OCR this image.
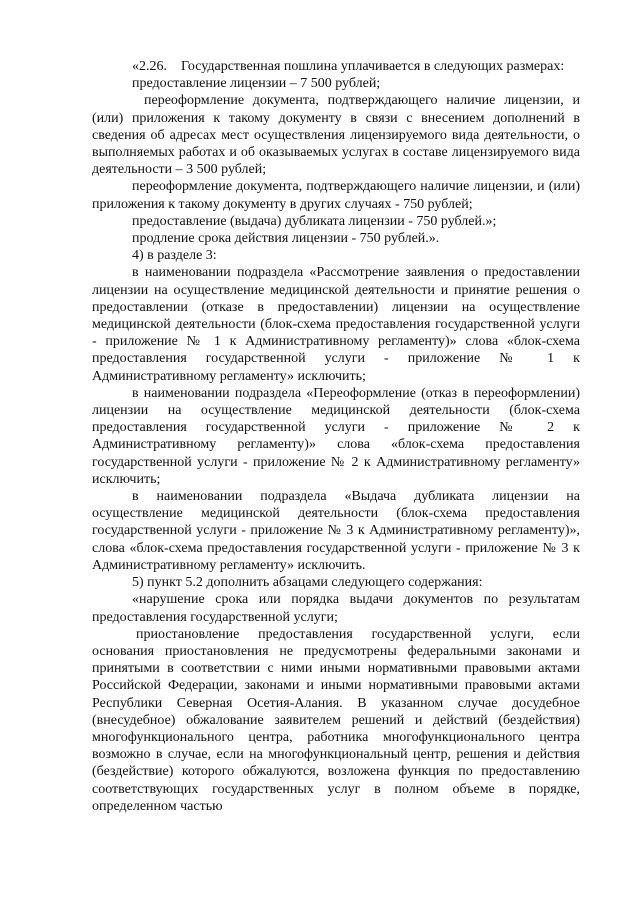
«2.26.    Государственная пошлина уплачивается в следующих размерах:

предоставление лицензии – 7 500 рублей;

переоформление документа, подтверждающего наличие лицензии, и (или) приложения к такому документу в связи с внесением дополнений в сведения об адресах мест осуществления лицензируемого вида деятельности, о выполняемых работах и об оказываемых услугах в составе лицензируемого вида деятельности – 3 500 рублей;

переоформление документа, подтверждающего наличие лицензии, и (или) приложения к такому документу в других случаях - 750 рублей;

предоставление (выдача) дубликата лицензии - 750 рублей.»;

продление срока действия лицензии - 750 рублей.».

4) в разделе 3:

в наименовании подраздела «Рассмотрение заявления о предоставлении лицензии на осуществление медицинской деятельности и принятие решения о предоставлении (отказе в предоставлении) лицензии на осуществление медицинской деятельности (блок-схема предоставления государственной услуги - приложение № 1 к Административному регламенту)» слова «блок-схема предоставления государственной услуги - приложение № 1 к Административному регламенту» исключить;

в наименовании подраздела «Переоформление (отказ в переоформлении) лицензии на осуществление медицинской деятельности (блок-схема предоставления государственной услуги - приложение № 2 к Административному регламенту)» слова «блок-схема предоставления государственной услуги - приложение № 2 к Административному регламенту» исключить;

в наименовании подраздела «Выдача дубликата лицензии на осуществление медицинской деятельности (блок-схема предоставления государственной услуги - приложение № 3 к Административному регламенту)», слова «блок-схема предоставления государственной услуги - приложение № 3 к Административному регламенту» исключить.

5) пункт 5.2 дополнить абзацами следующего содержания:

«нарушение срока или порядка выдачи документов по результатам предоставления государственной услуги;

приостановление предоставления государственной услуги, если основания приостановления не предусмотрены федеральными законами и принятыми в соответствии с ними иными нормативными правовыми актами Российской Федерации, законами и иными нормативными правовыми актами Республики Северная Осетия-Алания. В указанном случае досудебное (внесудебное) обжалование заявителем решений и действий (бездействия) многофункционального центра, работника многофункционального центра возможно в случае, если на многофункциональный центр, решения и действия (бездействие) которого обжалуются, возложена функция по предоставлению соответствующих государственных услуг в полном объеме в порядке, определенном частью
